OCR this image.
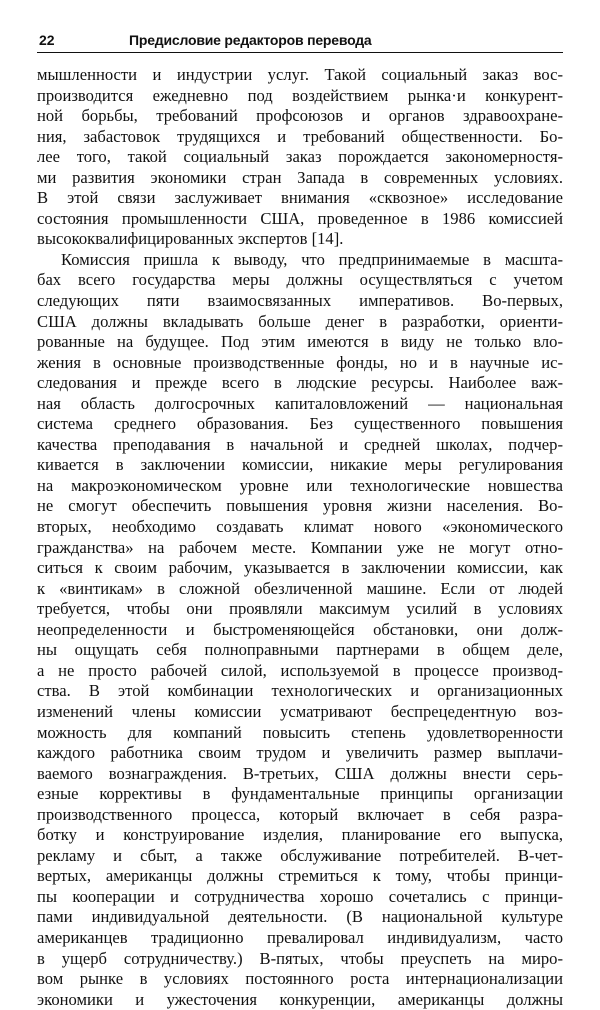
22	Предисловие редакторов перевода
мышленности и индустрии услуг. Такой социальный заказ вос-
производится ежедневно под воздействием рынка·и конкурент-
ной борьбы, требований профсоюзов и органов здравоохране-
ния, забастовок трудящихся и требований общественности. Бо-
лее того, такой социальный заказ порождается закономерностя-
ми развития экономики стран Запада в современных условиях.
В этой связи заслуживает внимания «сквозное» исследование
состояния промышленности США, проведенное в 1986 комиссией
высококвалифицированных экспертов [14].
Комиссия пришла к выводу, что предпринимаемые в масшта-
бах всего государства меры должны осуществляться с учетом
следующих пяти взаимосвязанных императивов. Во-первых,
США должны вкладывать больше денег в разработки, ориенти-
рованные на будущее. Под этим имеются в виду не только вло-
жения в основные производственные фонды, но и в научные ис-
следования и прежде всего в людские ресурсы. Наиболее важ-
ная область долгосрочных капиталовложений — национальная
система среднего образования. Без существенного повышения
качества преподавания в начальной и средней школах, подчер-
кивается в заключении комиссии, никакие меры регулирования
на макроэкономическом уровне или технологические новшества
не смогут обеспечить повышения уровня жизни населения. Во-
вторых, необходимо создавать климат нового «экономического
гражданства» на рабочем месте. Компании уже не могут отно-
ситься к своим рабочим, указывается в заключении комиссии, как
к «винтикам» в сложной обезличенной машине. Если от людей
требуется, чтобы они проявляли максимум усилий в условиях
неопределенности и быстроменяющейся обстановки, они долж-
ны ощущать себя полноправными партнерами в общем деле,
а не просто рабочей силой, используемой в процессе производ-
ства. В этой комбинации технологических и организационных
изменений члены комиссии усматривают беспрецедентную воз-
можность для компаний повысить степень удовлетворенности
каждого работника своим трудом и увеличить размер выплачи-
ваемого вознаграждения. В-третьих, США должны внести серь-
езные коррективы в фундаментальные принципы организации
производственного процесса, который включает в себя разра-
ботку и конструирование изделия, планирование его выпуска,
рекламу и сбыт, а также обслуживание потребителей. В-чет-
вертых, американцы должны стремиться к тому, чтобы принци-
пы кооперации и сотрудничества хорошо сочетались с принци-
пами индивидуальной деятельности. (В национальной культуре
американцев традиционно превалировал индивидуализм, часто
в ущерб сотрудничеству.) В-пятых, чтобы преуспеть на миро-
вом рынке в условиях постоянного роста интернационализации
экономики и ужесточения конкуренции, американцы должны
